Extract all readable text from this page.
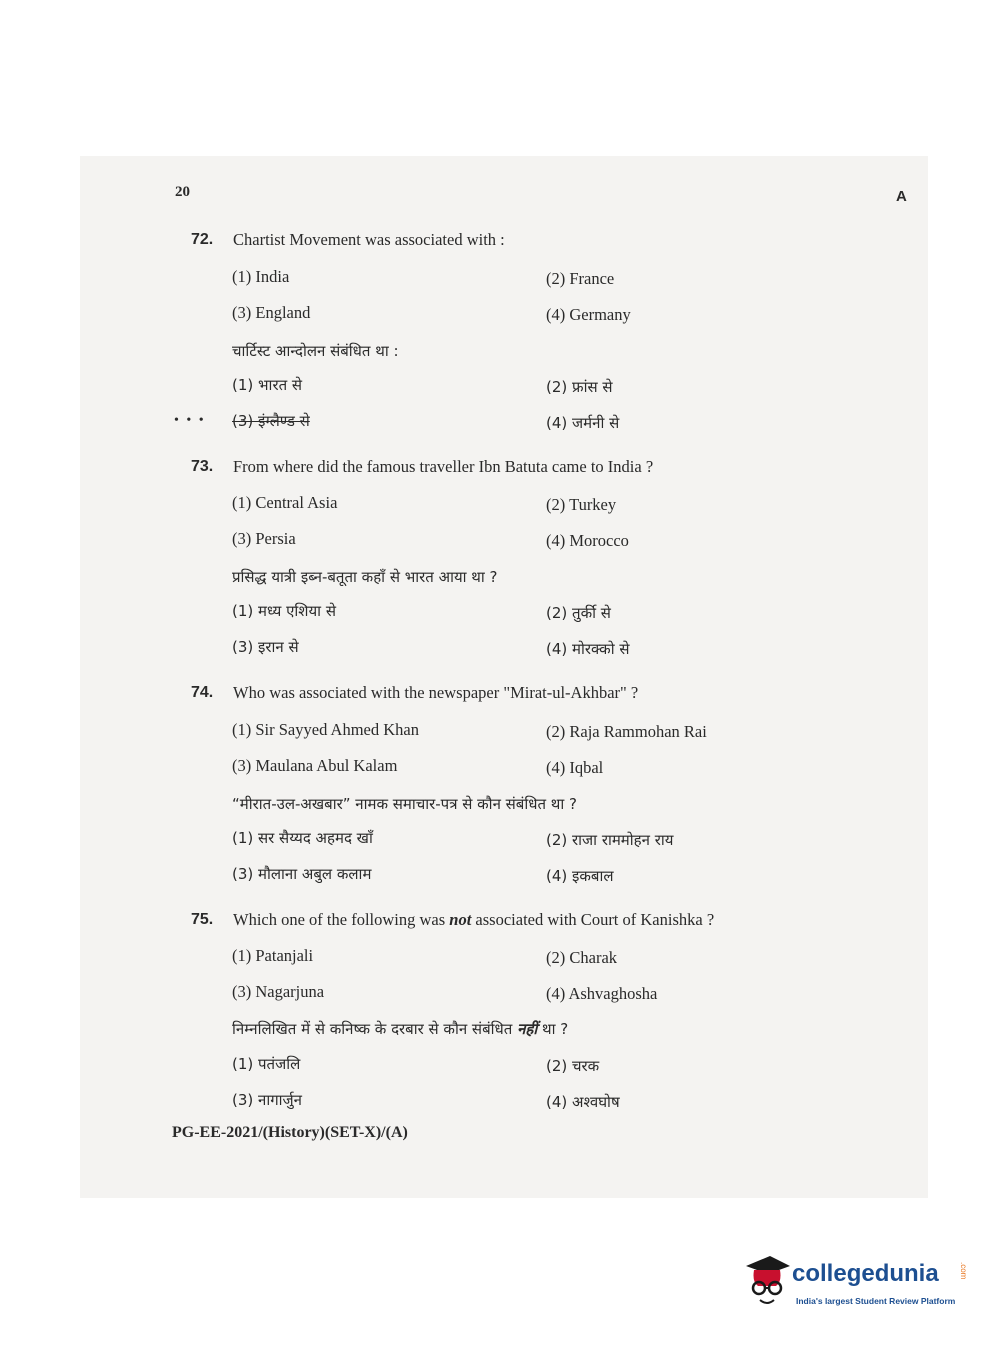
20	A
72. Chartist Movement was associated with :
(1) India	(2) France
(3) England	(4) Germany
चार्टिस्ट आन्दोलन संबंधित था :
(1) भारत से	(2) फ्रांस से
• • • (3) इंग्लैण्ड से	(4) जर्मनी से
73. From where did the famous traveller Ibn Batuta came to India ?
(1) Central Asia	(2) Turkey
(3) Persia	(4) Morocco
प्रसिद्ध यात्री इब्न-बतूता कहाँ से भारत आया था ?
(1) मध्य एशिया से	(2) तुर्की से
(3) इरान से	(4) मोरक्को से
74. Who was associated with the newspaper "Mirat-ul-Akhbar" ?
(1) Sir Sayyed Ahmed Khan	(2) Raja Rammohan Rai
(3) Maulana Abul Kalam	(4) Iqbal
“मीरात-उल-अखबार” नामक समाचार-पत्र से कौन संबंधित था ?
(1) सर सैय्यद अहमद खाँ	(2) राजा राममोहन राय
(3) मौलाना अबुल कलाम	(4) इकबाल
75. Which one of the following was not associated with Court of Kanishka ?
(1) Patanjali	(2) Charak
(3) Nagarjuna	(4) Ashvaghosha
निम्नलिखित में से कनिष्क के दरबार से कौन संबंधित नहीं था ?
(1) पतंजलि	(2) चरक
(3) नागार्जुन	(4) अश्वघोष
PG-EE-2021/(History)(SET-X)/(A)
collegedunia	.com
India's largest Student Review Platform
